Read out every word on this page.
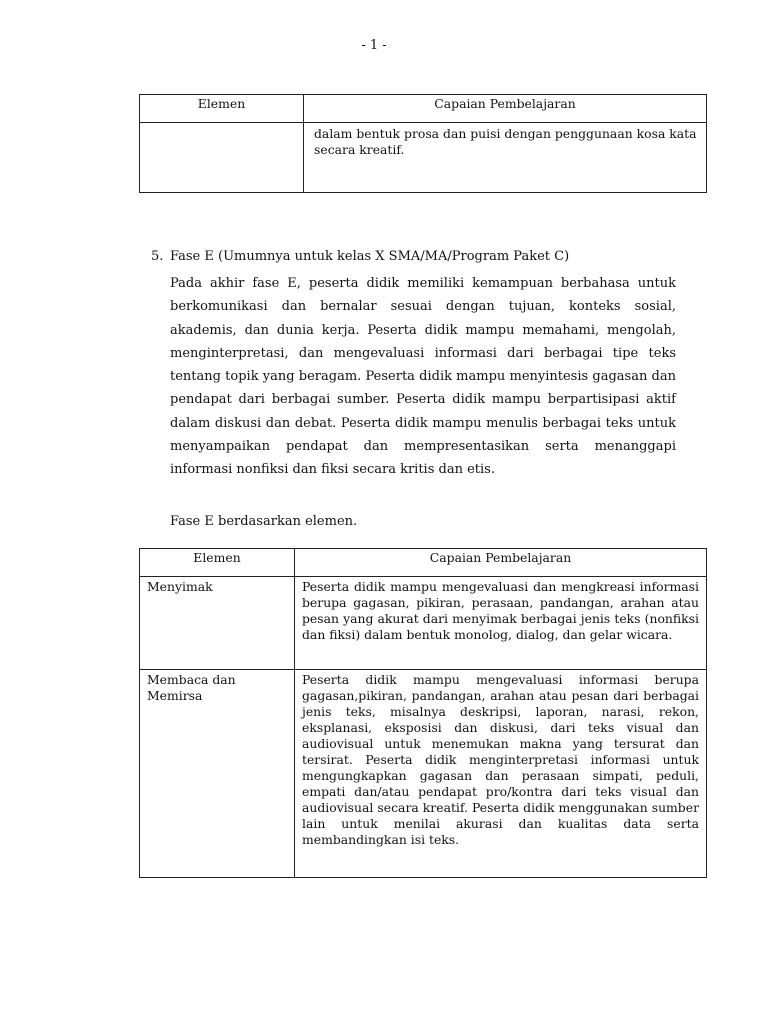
- 1 -
Elemen	Capaian Pembelajaran
	dalam bentuk prosa dan puisi dengan penggunaan kosa kata secara kreatif.
5. Fase E (Umumnya untuk kelas X SMA/MA/Program Paket C)
Pada akhir fase E, peserta didik memiliki kemampuan berbahasa untuk berkomunikasi dan bernalar sesuai dengan tujuan, konteks sosial, akademis, dan dunia kerja. Peserta didik mampu memahami, mengolah, menginterpretasi, dan mengevaluasi informasi dari berbagai tipe teks tentang topik yang beragam. Peserta didik mampu menyintesis gagasan dan pendapat dari berbagai sumber. Peserta didik mampu berpartisipasi aktif dalam diskusi dan debat. Peserta didik mampu menulis berbagai teks untuk menyampaikan pendapat dan mempresentasikan serta menanggapi informasi nonfiksi dan fiksi secara kritis dan etis.
Fase E berdasarkan elemen.
Elemen	Capaian Pembelajaran
Menyimak	Peserta didik mampu mengevaluasi dan mengkreasi informasi berupa gagasan, pikiran, perasaan, pandangan, arahan atau pesan yang akurat dari menyimak berbagai jenis teks (nonfiksi dan fiksi) dalam bentuk monolog, dialog, dan gelar wicara.
Membaca dan Memirsa	Peserta didik mampu mengevaluasi informasi berupa gagasan,pikiran, pandangan, arahan atau pesan dari berbagai jenis teks, misalnya deskripsi, laporan, narasi, rekon, eksplanasi, eksposisi dan diskusi, dari teks visual dan audiovisual untuk menemukan makna yang tersurat dan tersirat. Peserta didik menginterpretasi informasi untuk mengungkapkan gagasan dan perasaan simpati, peduli, empati dan/atau pendapat pro/kontra dari teks visual dan audiovisual secara kreatif. Peserta didik menggunakan sumber lain untuk menilai akurasi dan kualitas data serta membandingkan isi teks.
